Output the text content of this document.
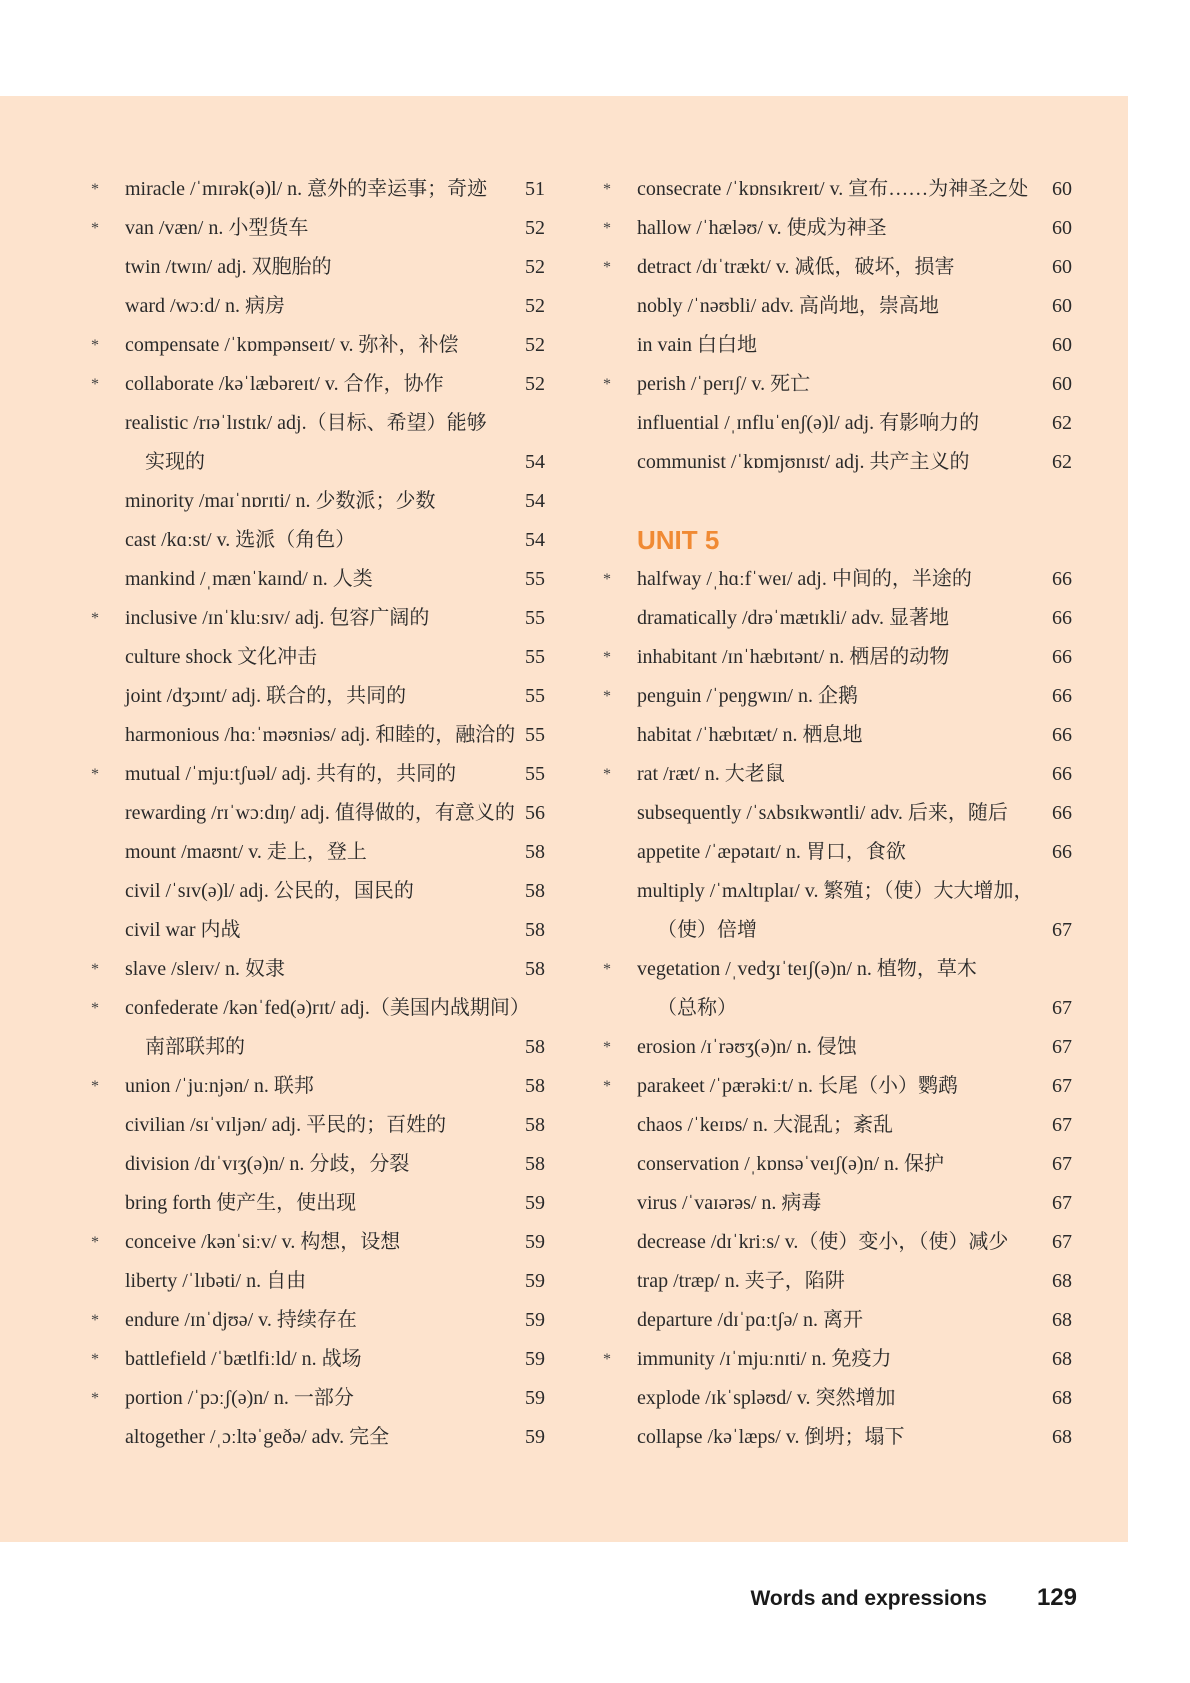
* miracle /ˈmɪrək(ə)l/ n. 意外的幸运事；奇迹 51
* van /væn/ n. 小型货车	52
twin /twɪn/ adj. 双胞胎的	52
ward /wɔːd/ n. 病房	52
* compensate /ˈkɒmpənseɪt/ v. 弥补，补偿	52
* collaborate /kəˈlæbəreɪt/ v. 合作，协作	52
realistic /rɪəˈlɪstɪk/ adj.（目标、希望）能够
实现的	54
minority /maɪˈnɒrɪti/ n. 少数派；少数	54
cast /kɑːst/ v. 选派（角色）	54
mankind /ˌmænˈkaɪnd/ n. 人类	55
* inclusive /ɪnˈkluːsɪv/ adj. 包容广阔的	55
culture shock 文化冲击	55
joint /dʒɔɪnt/ adj. 联合的，共同的	55
harmonious /hɑːˈməʊniəs/ adj. 和睦的，融洽的 55
* mutual /ˈmjuːtʃuəl/ adj. 共有的，共同的	55
rewarding /rɪˈwɔːdɪŋ/ adj. 值得做的，有意义的 56
mount /maʊnt/ v. 走上，登上	58
civil /ˈsɪv(ə)l/ adj. 公民的，国民的	58
civil war 内战	58
* slave /sleɪv/ n. 奴隶	58
* confederate /kənˈfed(ə)rɪt/ adj.（美国内战期间）
南部联邦的	58
* union /ˈjuːnjən/ n. 联邦	58
civilian /sɪˈvɪljən/ adj. 平民的；百姓的	58
division /dɪˈvɪʒ(ə)n/ n. 分歧，分裂	58
bring forth 使产生，使出现	59
* conceive /kənˈsiːv/ v. 构想，设想	59
liberty /ˈlɪbəti/ n. 自由	59
* endure /ɪnˈdjʊə/ v. 持续存在	59
* battlefield /ˈbætlfiːld/ n. 战场	59
* portion /ˈpɔːʃ(ə)n/ n. 一部分	59
altogether /ˌɔːltəˈgeðə/ adv. 完全	59
* consecrate /ˈkɒnsɪkreɪt/ v. 宣布……为神圣之处 60
* hallow /ˈhæləʊ/ v. 使成为神圣	60
* detract /dɪˈtrækt/ v. 减低，破坏，损害	60
nobly /ˈnəʊbli/ adv. 高尚地，崇高地	60
in vain 白白地	60
* perish /ˈperɪʃ/ v. 死亡	60
influential /ˌɪnfluˈenʃ(ə)l/ adj. 有影响力的	62
communist /ˈkɒmjʊnɪst/ adj. 共产主义的	62
UNIT 5
* halfway /ˌhɑːfˈweɪ/ adj. 中间的，半途的	66
dramatically /drəˈmætɪkli/ adv. 显著地	66
* inhabitant /ɪnˈhæbɪtənt/ n. 栖居的动物	66
* penguin /ˈpeŋgwɪn/ n. 企鹅	66
habitat /ˈhæbɪtæt/ n. 栖息地	66
* rat /ræt/ n. 大老鼠	66
subsequently /ˈsʌbsɪkwəntli/ adv. 后来，随后 66
appetite /ˈæpətaɪt/ n. 胃口，食欲	66
multiply /ˈmʌltɪplaɪ/ v. 繁殖；（使）大大增加，
（使）倍增	67
* vegetation /ˌvedʒɪˈteɪʃ(ə)n/ n. 植物，草木
（总称）	67
* erosion /ɪˈrəʊʒ(ə)n/ n. 侵蚀	67
* parakeet /ˈpærəkiːt/ n. 长尾（小）鹦鹉	67
chaos /ˈkeɪɒs/ n. 大混乱；紊乱	67
conservation /ˌkɒnsəˈveɪʃ(ə)n/ n. 保护	67
virus /ˈvaɪərəs/ n. 病毒	67
decrease /dɪˈkriːs/ v.（使）变小，（使）减少 67
trap /træp/ n. 夹子，陷阱	68
departure /dɪˈpɑːtʃə/ n. 离开	68
* immunity /ɪˈmjuːnɪti/ n. 免疫力	68
explode /ɪkˈspləʊd/ v. 突然增加	68
collapse /kəˈlæps/ v. 倒坍；塌下	68
Words and expressions 129
